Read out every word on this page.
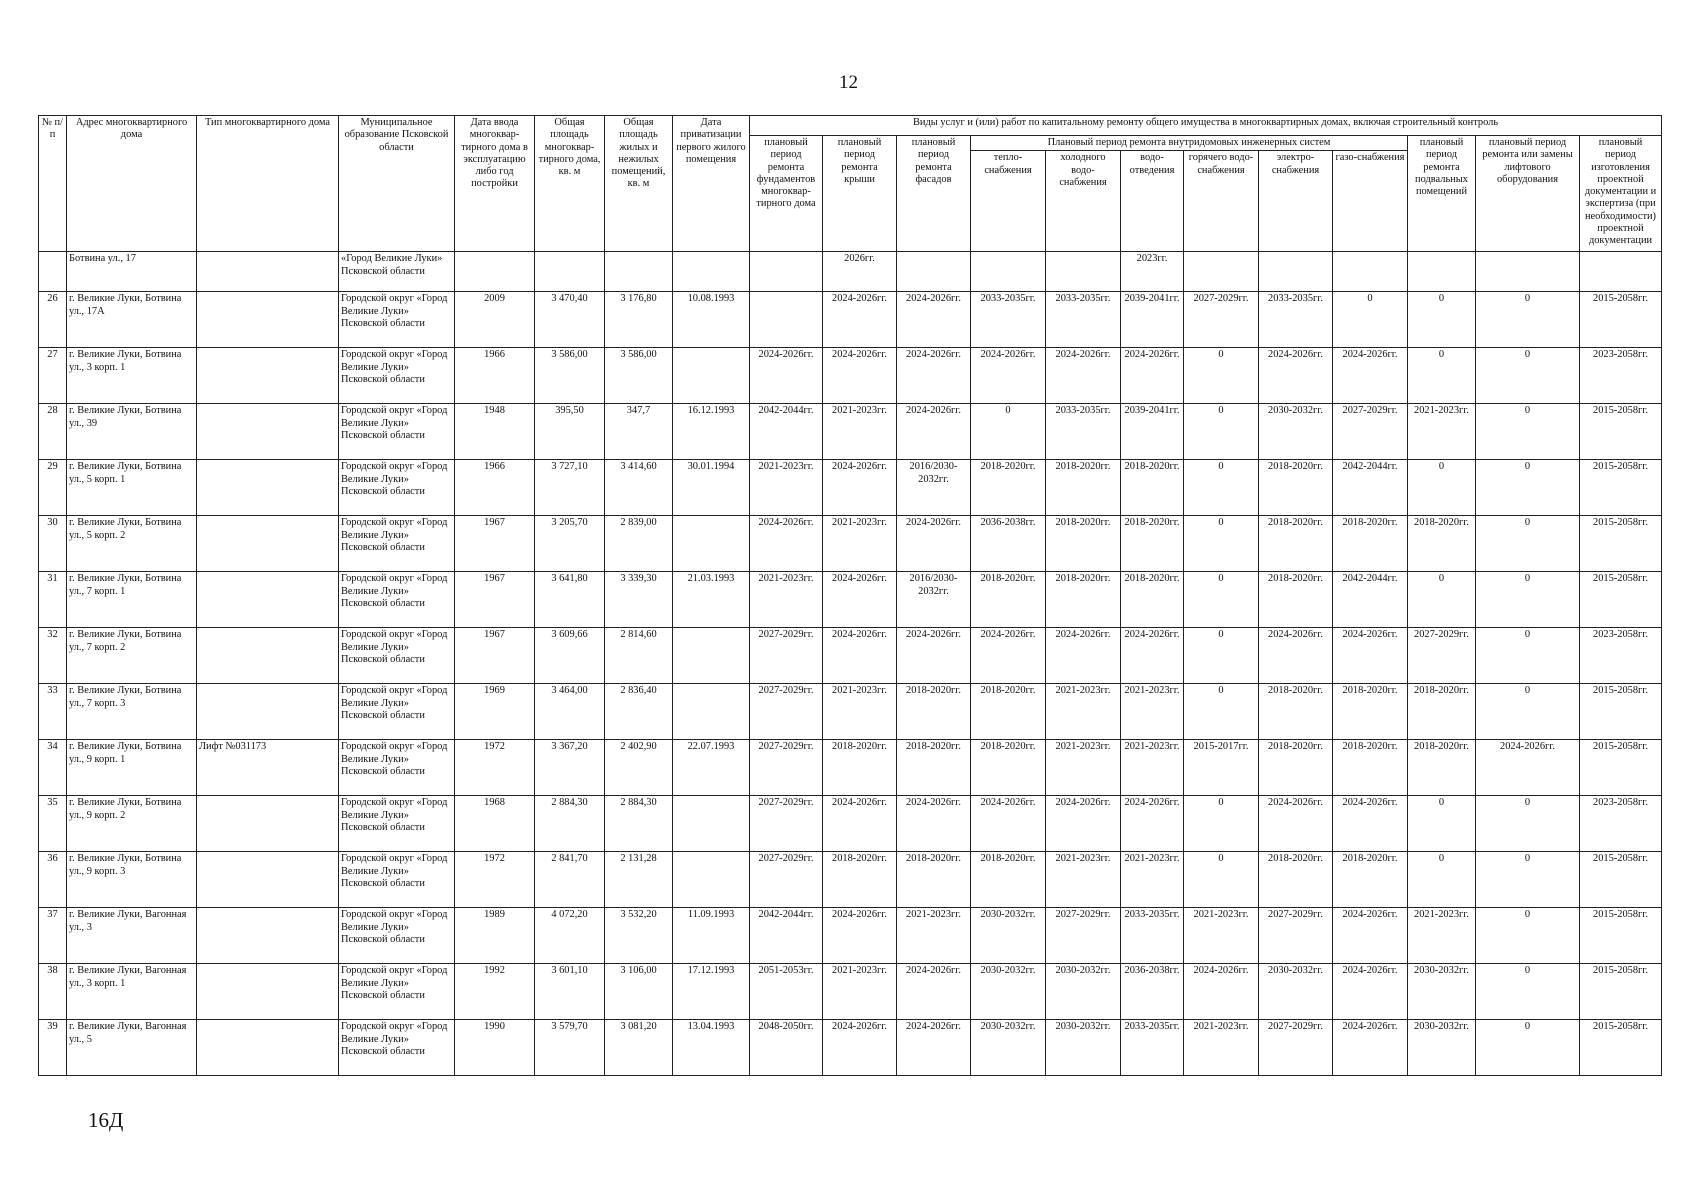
12
№ п/п	Адрес многоквартирного дома	Тип многоквартирного дома	Муниципальное образование Псковской области	Дата ввода многоквар-тирного дома в эксплуатацию либо год постройки	Общая площадь многоквар-тирного дома, кв. м	Общая площадь жилых и нежилых помещений, кв. м	Дата приватизации первого жилого помещения	Виды услуг и (или) работ по капитальному ремонту общего имущества в многоквартирных домах, включая строительный контроль											
								плановый период ремонта фундаментов многоквар-тирного дома	плановый период ремонта крыши	плановый период ремонта фасадов	Плановый период ремонта внутридомовых инженерных систем						плановый период ремонта подвальных помещений	плановый период ремонта или замены лифтового оборудования	плановый период изготовления проектной документации и экспертиза (при необходимости) проектной документации
											тепло-снабжения	холодного водо-снабжения	водо-отведения	горячего водо-снабжения	электро-снабжения	газо-снабжения			
	Ботвина ул., 17		«Город Великие Луки» Псковской области						2026гг.				2023гг.						
26	г. Великие Луки, Ботвина ул., 17А		Городской округ «Город Великие Луки» Псковской области	2009	3 470,40	3 176,80	10.08.1993		2024-2026гг.	2024-2026гг.	2033-2035гг.	2033-2035гг.	2039-2041гг.	2027-2029гг.	2033-2035гг.	0	0	0	2015-2058гг.
27	г. Великие Луки, Ботвина ул., 3 корп. 1		Городской округ «Город Великие Луки» Псковской области	1966	3 586,00	3 586,00		2024-2026гг.	2024-2026гг.	2024-2026гг.	2024-2026гг.	2024-2026гг.	2024-2026гг.	0	2024-2026гг.	2024-2026гг.	0	0	2023-2058гг.
28	г. Великие Луки, Ботвина ул., 39		Городской округ «Город Великие Луки» Псковской области	1948	395,50	347,7	16.12.1993	2042-2044гг.	2021-2023гг.	2024-2026гг.	0	2033-2035гг.	2039-2041гг.	0	2030-2032гг.	2027-2029гг.	2021-2023гг.	0	2015-2058гг.
29	г. Великие Луки, Ботвина ул., 5 корп. 1		Городской округ «Город Великие Луки» Псковской области	1966	3 727,10	3 414,60	30.01.1994	2021-2023гг.	2024-2026гг.	2016/2030-2032гг.	2018-2020гг.	2018-2020гг.	2018-2020гг.	0	2018-2020гг.	2042-2044гг.	0	0	2015-2058гг.
30	г. Великие Луки, Ботвина ул., 5 корп. 2		Городской округ «Город Великие Луки» Псковской области	1967	3 205,70	2 839,00		2024-2026гг.	2021-2023гг.	2024-2026гг.	2036-2038гг.	2018-2020гг.	2018-2020гг.	0	2018-2020гг.	2018-2020гг.	2018-2020гг.	0	2015-2058гг.
31	г. Великие Луки, Ботвина ул., 7 корп. 1		Городской округ «Город Великие Луки» Псковской области	1967	3 641,80	3 339,30	21.03.1993	2021-2023гг.	2024-2026гг.	2016/2030-2032гг.	2018-2020гг.	2018-2020гг.	2018-2020гг.	0	2018-2020гг.	2042-2044гг.	0	0	2015-2058гг.
32	г. Великие Луки, Ботвина ул., 7 корп. 2		Городской округ «Город Великие Луки» Псковской области	1967	3 609,66	2 814,60		2027-2029гг.	2024-2026гг.	2024-2026гг.	2024-2026гг.	2024-2026гг.	2024-2026гг.	0	2024-2026гг.	2024-2026гг.	2027-2029гг.	0	2023-2058гг.
33	г. Великие Луки, Ботвина ул., 7 корп. 3		Городской округ «Город Великие Луки» Псковской области	1969	3 464,00	2 836,40		2027-2029гг.	2021-2023гг.	2018-2020гг.	2018-2020гг.	2021-2023гг.	2021-2023гг.	0	2018-2020гг.	2018-2020гг.	2018-2020гг.	0	2015-2058гг.
34	г. Великие Луки, Ботвина ул., 9 корп. 1	Лифт №031173	Городской округ «Город Великие Луки» Псковской области	1972	3 367,20	2 402,90	22.07.1993	2027-2029гг.	2018-2020гг.	2018-2020гг.	2018-2020гг.	2021-2023гг.	2021-2023гг.	2015-2017гг.	2018-2020гг.	2018-2020гг.	2018-2020гг.	2024-2026гг.	2015-2058гг.
35	г. Великие Луки, Ботвина ул., 9 корп. 2		Городской округ «Город Великие Луки» Псковской области	1968	2 884,30	2 884,30		2027-2029гг.	2024-2026гг.	2024-2026гг.	2024-2026гг.	2024-2026гг.	2024-2026гг.	0	2024-2026гг.	2024-2026гг.	0	0	2023-2058гг.
36	г. Великие Луки, Ботвина ул., 9 корп. 3		Городской округ «Город Великие Луки» Псковской области	1972	2 841,70	2 131,28		2027-2029гг.	2018-2020гг.	2018-2020гг.	2018-2020гг.	2021-2023гг.	2021-2023гг.	0	2018-2020гг.	2018-2020гг.	0	0	2015-2058гг.
37	г. Великие Луки, Вагонная ул., 3		Городской округ «Город Великие Луки» Псковской области	1989	4 072,20	3 532,20	11.09.1993	2042-2044гг.	2024-2026гг.	2021-2023гг.	2030-2032гг.	2027-2029гг.	2033-2035гг.	2021-2023гг.	2027-2029гг.	2024-2026гг.	2021-2023гг.	0	2015-2058гг.
38	г. Великие Луки, Вагонная ул., 3 корп. 1		Городской округ «Город Великие Луки» Псковской области	1992	3 601,10	3 106,00	17.12.1993	2051-2053гг.	2021-2023гг.	2024-2026гг.	2030-2032гг.	2030-2032гг.	2036-2038гг.	2024-2026гг.	2030-2032гг.	2024-2026гг.	2030-2032гг.	0	2015-2058гг.
39	г. Великие Луки, Вагонная ул., 5		Городской округ «Город Великие Луки» Псковской области	1990	3 579,70	3 081,20	13.04.1993	2048-2050гг.	2024-2026гг.	2024-2026гг.	2030-2032гг.	2030-2032гг.	2033-2035гг.	2021-2023гг.	2027-2029гг.	2024-2026гг.	2030-2032гг.	0	2015-2058гг.
16Д
